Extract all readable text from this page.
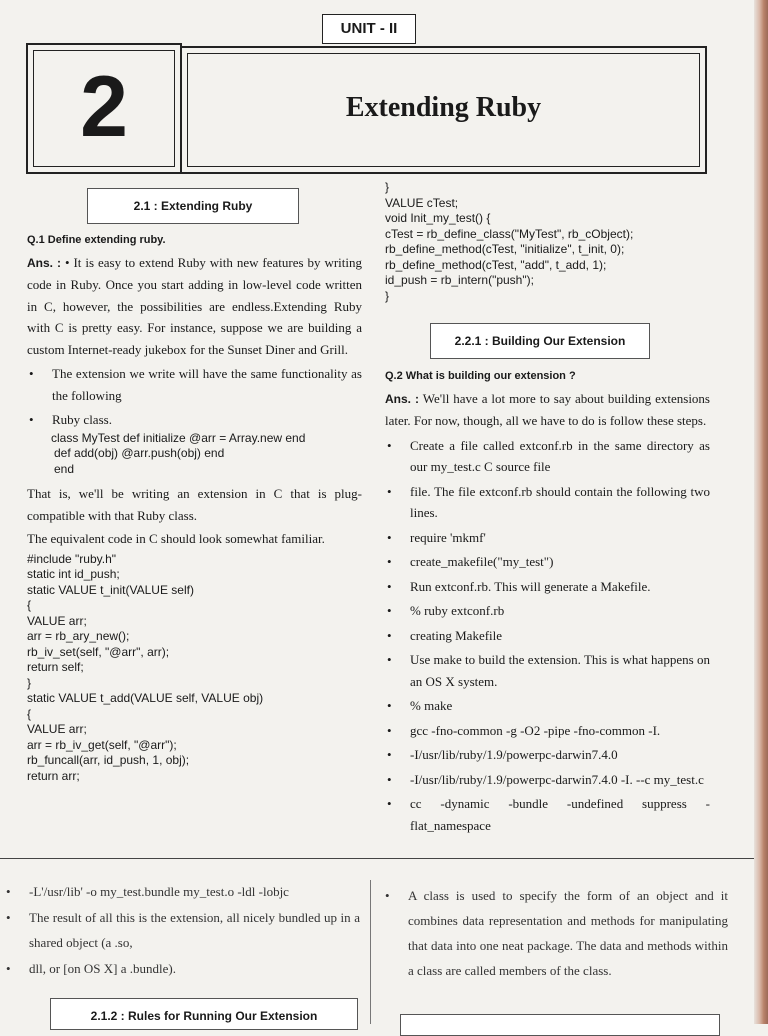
UNIT - II
2	Extending Ruby
2.1 : Extending Ruby

Q.1 Define extending ruby.

Ans. : • It is easy to extend Ruby with new features by writing code in Ruby. Once you start adding in low-level code written in C, however, the possibilities are endless.Extending Ruby with C is pretty easy. For instance, suppose we are building a custom Internet-ready jukebox for the Sunset Diner and Grill.

• The extension we write will have the same functionality as the following
• Ruby class.

class MyTest def initialize @arr = Array.new end

def add(obj) @arr.push(obj) end

end

That is, we'll be writing an extension in C that is plug-compatible with that Ruby class.

The equivalent code in C should look somewhat familiar.

#include "ruby.h"

static int id_push;

static VALUE t_init(VALUE self)

{

VALUE arr;

arr = rb_ary_new();

rb_iv_set(self, "@arr", arr);

return self;

}

static VALUE t_add(VALUE self, VALUE obj)

{

VALUE arr;

arr = rb_iv_get(self, "@arr");

rb_funcall(arr, id_push, 1, obj);

return arr;

}

VALUE cTest;

void Init_my_test() {

cTest = rb_define_class("MyTest", rb_cObject);

rb_define_method(cTest, "initialize", t_init, 0);

rb_define_method(cTest, "add", t_add, 1);

id_push = rb_intern("push");

}

2.2.1 : Building Our Extension

Q.2 What is building our extension ?

Ans. : We'll have a lot more to say about building extensions later. For now, though, all we have to do is follow these steps.

• Create a file called extconf.rb in the same directory as our my_test.c C source file
• file. The file extconf.rb should contain the following two lines.
• require 'mkmf'
• create_makefile("my_test")
• Run extconf.rb. This will generate a Makefile.
• % ruby extconf.rb
• creating Makefile
• Use make to build the extension. This is what happens on an OS X system.
• % make
• gcc -fno-common -g -O2 -pipe -fno-common -I.
• -I/usr/lib/ruby/1.9/powerpc-darwin7.4.0
• -I/usr/lib/ruby/1.9/powerpc-darwin7.4.0 -I. --c my_test.c
• cc -dynamic -bundle -undefined suppress -flat_namespace
• -L'/usr/lib' -o my_test.bundle my_test.o -ldl -lobjc
• The result of all this is the extension, all nicely bundled up in a shared object (a .so,
• dll, or [on OS X] a .bundle).
2.1.2 : Rules for Running Our Extension
• A class is used to specify the form of an object and it combines data representation and methods for manipulating that data into one neat package. The data and methods within a class are called members of the class.
